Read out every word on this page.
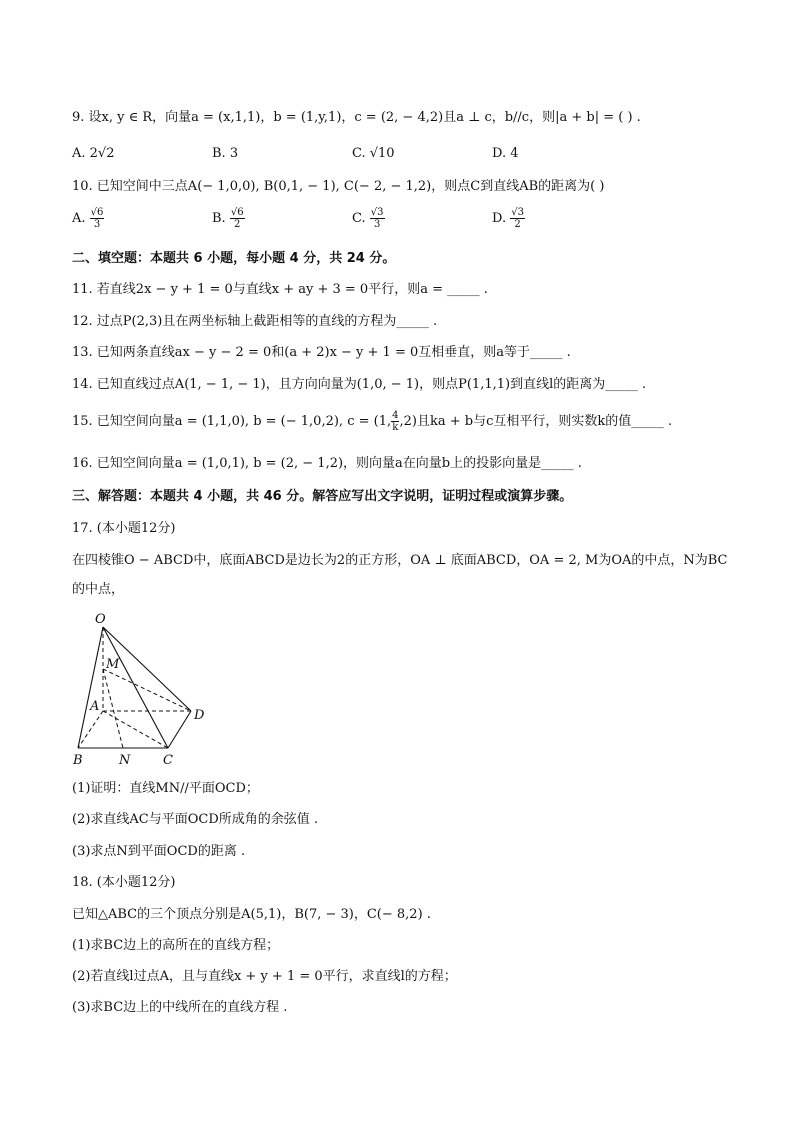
9. 设x, y ∈ R，向量a = (x,1,1)，b = (1,y,1)，c = (2, − 4,2)且a ⊥ c，b//c，则|a + b| = ( ) .
A. 2√2	B. 3	C. √10	D. 4
10. 已知空间中三点A(− 1,0,0), B(0,1, − 1), C(− 2, − 1,2)，则点C到直线AB的距离为( )
A. $\frac{√6}{3}$	B. $\frac{√6}{2}$	C. $\frac{√3}{3}$	D. $\frac{√3}{2}$
二、填空题：本题共 6 小题，每小题 4 分，共 24 分。
11. 若直线2x − y + 1 = 0与直线x + ay + 3 = 0平行，则a = _____ .
12. 过点P(2,3)且在两坐标轴上截距相等的直线的方程为_____ .
13. 已知两条直线ax − y − 2 = 0和(a + 2)x − y + 1 = 0互相垂直，则a等于_____ .
14. 已知直线过点A(1, − 1, − 1)，且方向向量为(1,0, − 1)，则点P(1,1,1)到直线l的距离为_____ .
15. 已知空间向量a = (1,1,0), b = (− 1,0,2), c = (1, $\frac{4}{k} ,2$)且ka + b与c互相平行，则实数k的值_____ .
16. 已知空间向量a = (1,0,1), b = (2, − 1,2)，则向量a在向量b上的投影向量是_____ .
三、解答题：本题共 4 小题，共 46 分。解答应写出文字说明，证明过程或演算步骤。
17. (本小题12分)
在四棱锥O − ABCD中，底面ABCD是边长为2的正方形，OA ⊥ 底面ABCD，OA = 2, M为OA的中点，N为BC
的中点，
O
M
A
D
B	N	C
(1)证明：直线MN//平面OCD；
(2)求直线AC与平面OCD所成角的余弦值 .
(3)求点N到平面OCD的距离 .
18. (本小题12分)
已知△ABC的三个顶点分别是A(5,1)，B(7, − 3)，C(− 8,2) .
(1)求BC边上的高所在的直线方程；
(2)若直线l过点A，且与直线x + y + 1 = 0平行，求直线l的方程；
(3)求BC边上的中线所在的直线方程 .
